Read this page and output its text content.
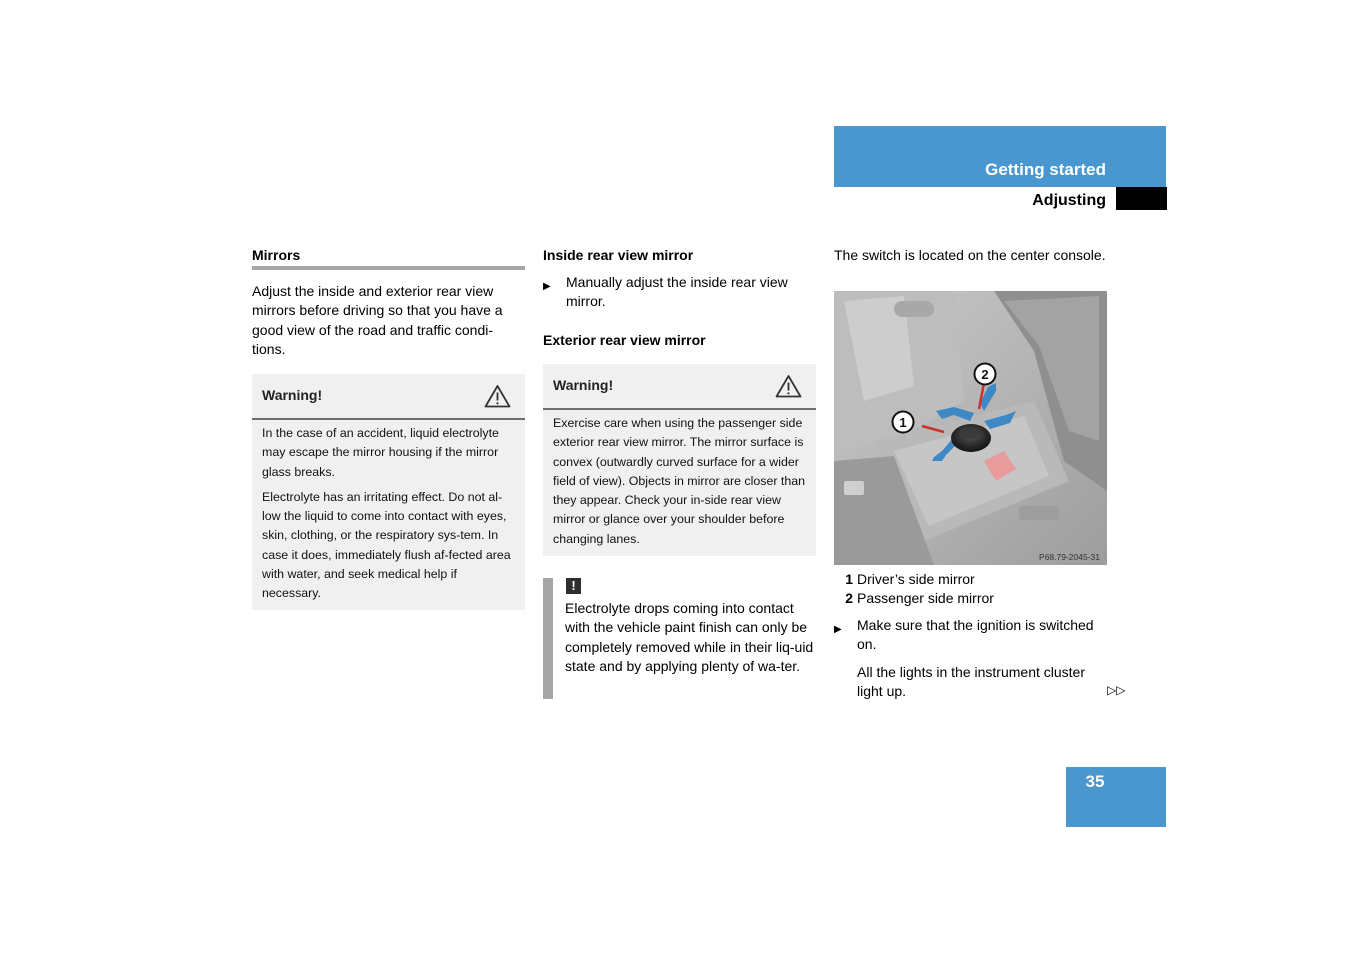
Getting started
Adjusting
Mirrors
Adjust the inside and exterior rear view mirrors before driving so that you have a good view of the road and traffic condi-tions.
Warning!

In the case of an accident, liquid electrolyte may escape the mirror housing if the mirror glass breaks.

Electrolyte has an irritating effect. Do not al-low the liquid to come into contact with eyes, skin, clothing, or the respiratory sys-tem. In case it does, immediately flush af-fected area with water, and seek medical help if necessary.

Inside rear view mirror
▶ Manually adjust the inside rear view mirror.
Exterior rear view mirror
Warning!
Exercise care when using the passenger side exterior rear view mirror. The mirror surface is convex (outwardly curved surface for a wider field of view). Objects in mirror are closer than they appear. Check your in-side rear view mirror or glance over your shoulder before changing lanes.
!
Electrolyte drops coming into contact with the vehicle paint finish can only be completely removed while in their liq-uid state and by applying plenty of wa-ter.
The switch is located on the center console.
1
2
P68.79-2045-31
1 Driver’s side mirror
2 Passenger side mirror
▶ Make sure that the ignition is switched on.
All the lights in the instrument cluster light up.	▷▷
35
